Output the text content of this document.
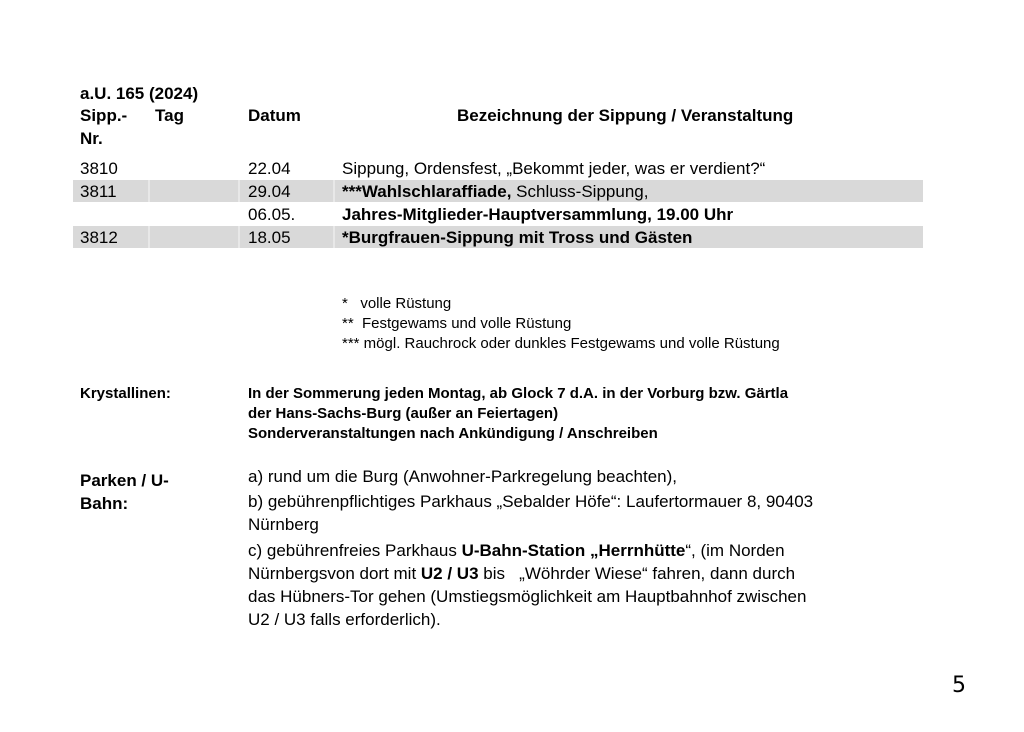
a.U. 165 (2024)
Sipp.- Tag	Datum	Bezeichnung der Sippung / Veranstaltung
Nr.
3810	22.04	Sippung, Ordensfest, „Bekommt jeder, was er verdient?“
3811	29.04	***Wahlschlaraffiade, Schluss-Sippung,
06.05.	Jahres-Mitglieder-Hauptversammlung, 19.00 Uhr
3812	18.05	*Burgfrauen-Sippung mit Tross und Gästen
*   volle Rüstung
**  Festgewams und volle Rüstung
*** mögl. Rauchrock oder dunkles Festgewams und volle Rüstung
Krystallinen:	In der Sommerung jeden Montag, ab Glock 7 d.A. in der Vorburg bzw. Gärtla
der Hans-Sachs-Burg (außer an Feiertagen)
Sonderveranstaltungen nach Ankündigung / Anschreiben
Parken / U-
Bahn:
a) rund um die Burg (Anwohner-Parkregelung beachten),
b) gebührenpflichtiges Parkhaus „Sebalder Höfe“: Laufertormauer 8, 90403
Nürnberg
c) gebührenfreies Parkhaus U-Bahn-Station „Herrnhütte“, (im Norden
Nürnbergsvon dort mit U2 / U3 bis   „Wöhrder Wiese“ fahren, dann durch
das Hübners-Tor gehen (Umstiegsmöglichkeit am Hauptbahnhof zwischen
U2 / U3 falls erforderlich).
5
